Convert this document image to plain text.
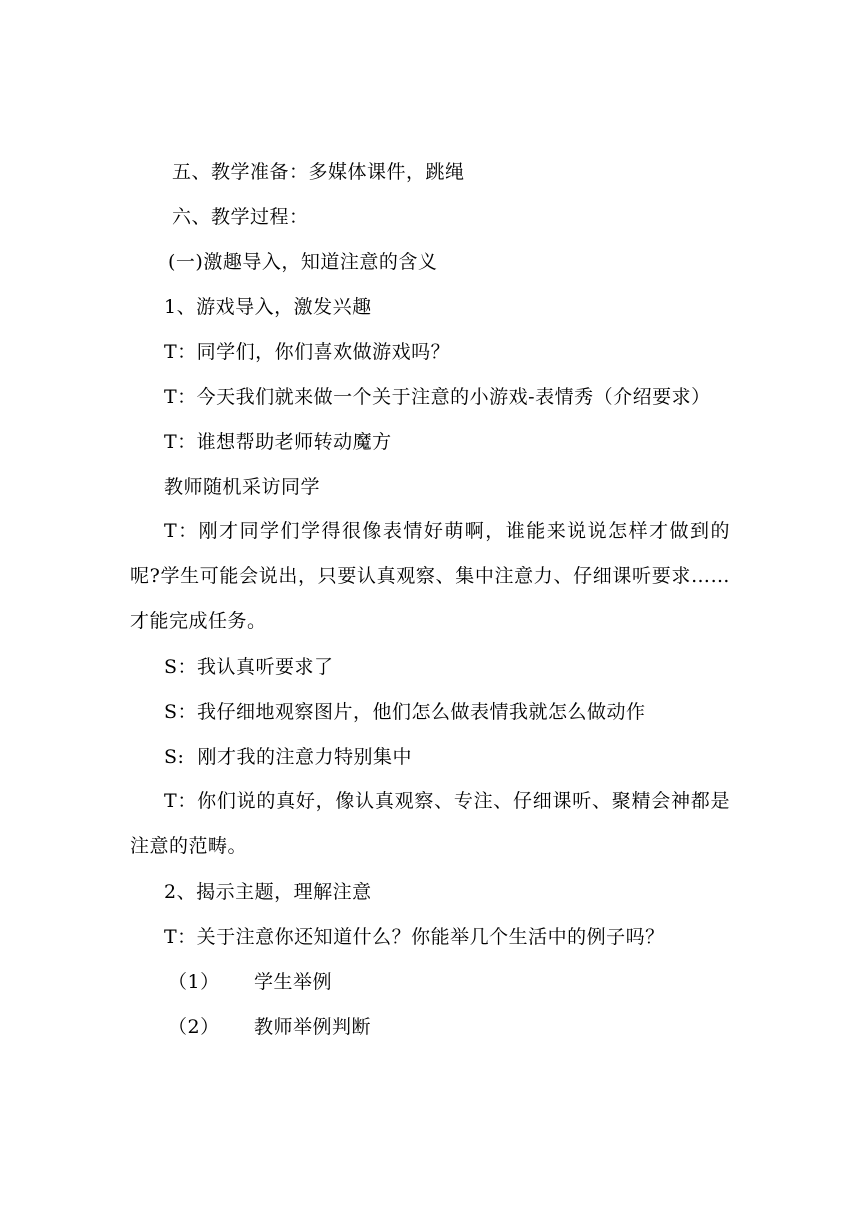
五、教学准备：多媒体课件，跳绳
六、教学过程：
(一)激趣导入，知道注意的含义
1、游戏导入，激发兴趣
T：同学们，你们喜欢做游戏吗？
T：今天我们就来做一个关于注意的小游戏-表情秀（介绍要求）
T：谁想帮助老师转动魔方
教师随机采访同学
T：刚才同学们学得很像表情好萌啊，谁能来说说怎样才做到的呢?学生可能会说出，只要认真观察、集中注意力、仔细课听要求……才能完成任务。
S：我认真听要求了
S：我仔细地观察图片，他们怎么做表情我就怎么做动作
S:  刚才我的注意力特别集中
T：你们说的真好，像认真观察、专注、仔细课听、聚精会神都是注意的范畴。
2、揭示主题，理解注意
T：关于注意你还知道什么？你能举几个生活中的例子吗？
（1） 学生举例
（2） 教师举例判断
